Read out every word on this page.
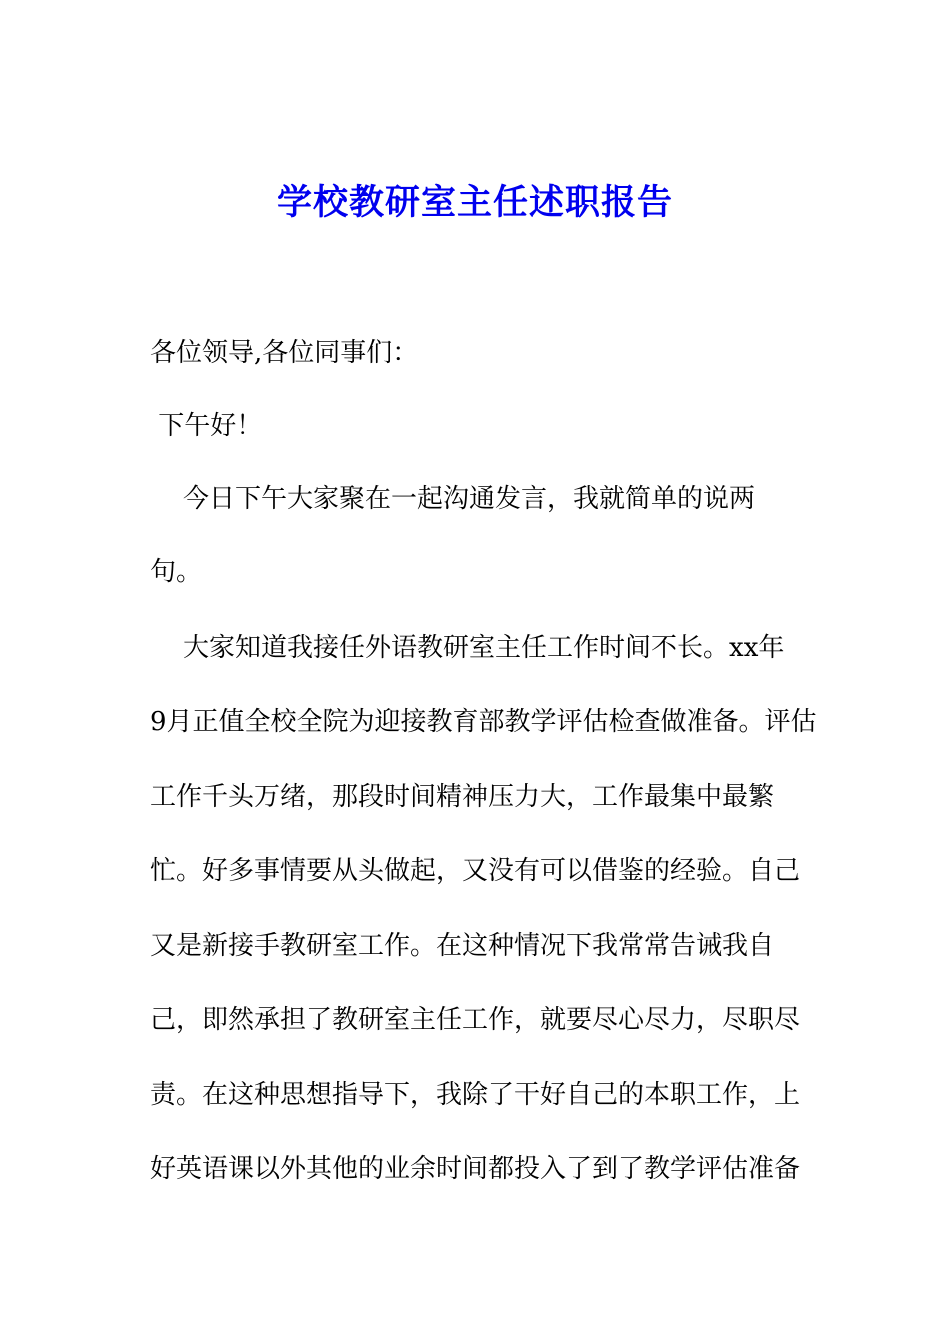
学校教研室主任述职报告
各位领导,各位同事们：
下午好！
今日下午大家聚在一起沟通发言，我就简单的说两
句。
大家知道我接任外语教研室主任工作时间不长。xx年
9月正值全校全院为迎接教育部教学评估检查做准备。评估
工作千头万绪，那段时间精神压力大，工作最集中最繁
忙。好多事情要从头做起，又没有可以借鉴的经验。自己
又是新接手教研室工作。在这种情况下我常常告诫我自
己，即然承担了教研室主任工作，就要尽心尽力，尽职尽
责。在这种思想指导下，我除了干好自己的本职工作，上
好英语课以外其他的业余时间都投入了到了教学评估准备
